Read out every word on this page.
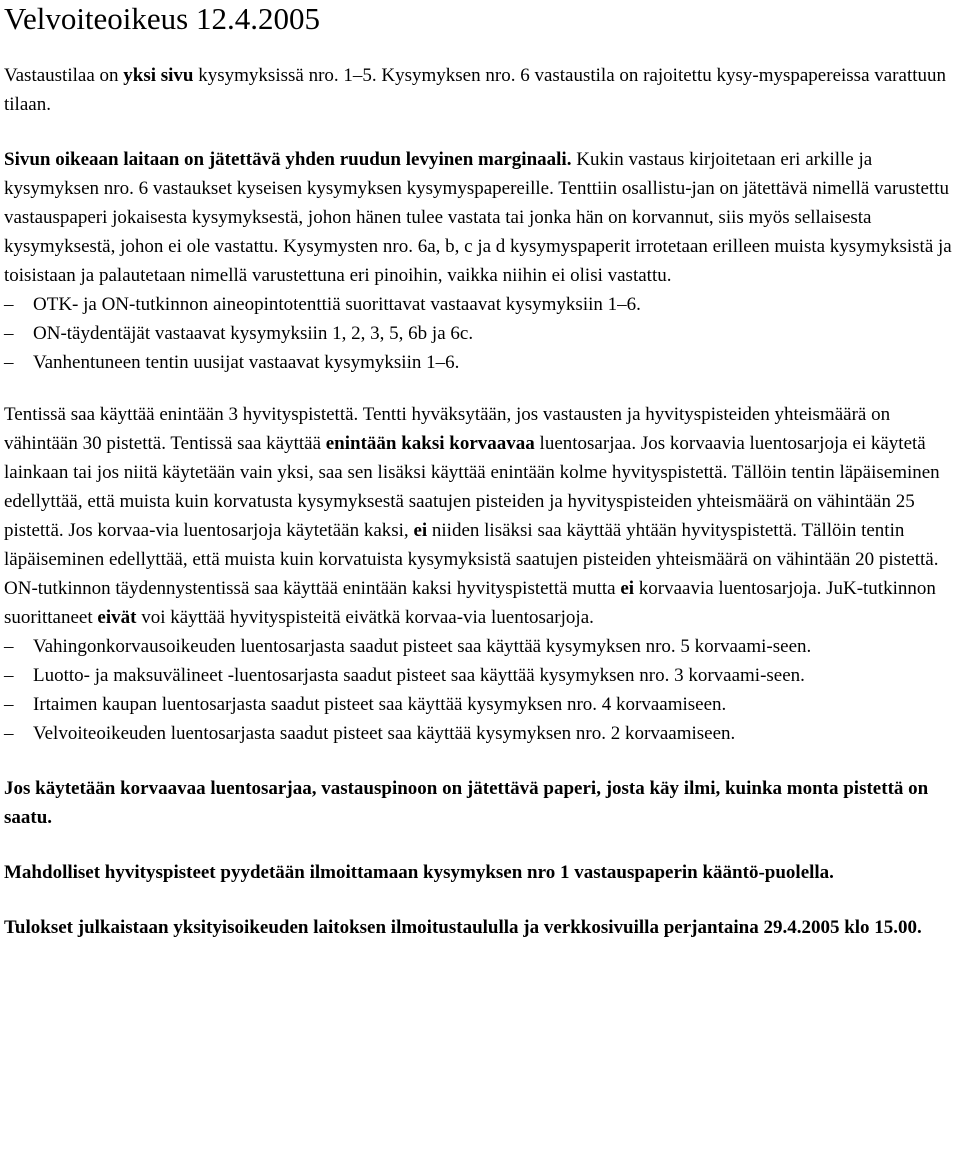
Velvoiteoikeus 12.4.2005

Vastaustilaa on yksi sivu kysymyksissä nro. 1–5. Kysymyksen nro. 6 vastaustila on rajoitettu kysy-myspapereissa varattuun tilaan.

Sivun oikeaan laitaan on jätettävä yhden ruudun levyinen marginaali. Kukin vastaus kirjoitetaan eri arkille ja kysymyksen nro. 6 vastaukset kyseisen kysymyksen kysymyspapereille. Tenttiin osallistu-jan on jätettävä nimellä varustettu vastauspaperi jokaisesta kysymyksestä, johon hänen tulee vastata tai jonka hän on korvannut, siis myös sellaisesta kysymyksestä, johon ei ole vastattu. Kysymysten nro. 6a, b, c ja d kysymyspaperit irrotetaan erilleen muista kysymyksistä ja toisistaan ja palautetaan nimellä varustettuna eri pinoihin, vaikka niihin ei olisi vastattu.

–	OTK- ja ON-tutkinnon aineopintotenttiä suorittavat vastaavat kysymyksiin 1–6.
–	ON-täydentäjät vastaavat kysymyksiin 1, 2, 3, 5, 6b ja 6c.
–	Vanhentuneen tentin uusijat vastaavat kysymyksiin 1–6.

Tentissä saa käyttää enintään 3 hyvityspistettä. Tentti hyväksytään, jos vastausten ja hyvityspisteiden yhteismäärä on vähintään 30 pistettä. Tentissä saa käyttää enintään kaksi korvaavaa luentosarjaa. Jos korvaavia luentosarjoja ei käytetä lainkaan tai jos niitä käytetään vain yksi, saa sen lisäksi käyttää enintään kolme hyvityspistettä. Tällöin tentin läpäiseminen edellyttää, että muista kuin korvatusta kysymyksestä saatujen pisteiden ja hyvityspisteiden yhteismäärä on vähintään 25 pistettä. Jos korvaa-via luentosarjoja käytetään kaksi, ei niiden lisäksi saa käyttää yhtään hyvityspistettä. Tällöin tentin läpäiseminen edellyttää, että muista kuin korvatuista kysymyksistä saatujen pisteiden yhteismäärä on vähintään 20 pistettä. ON-tutkinnon täydennystentissä saa käyttää enintään kaksi hyvityspistettä mutta ei korvaavia luentosarjoja. JuK-tutkinnon suorittaneet eivät voi käyttää hyvityspisteitä eivätkä korvaa-via luentosarjoja.

–	Vahingonkorvausoikeuden luentosarjasta saadut pisteet saa käyttää kysymyksen nro. 5 korvaami-seen.
–	Luotto- ja maksuvälineet -luentosarjasta saadut pisteet saa käyttää kysymyksen nro. 3 korvaami-seen.
–	Irtaimen kaupan luentosarjasta saadut pisteet saa käyttää kysymyksen nro. 4 korvaamiseen.
–	Velvoiteoikeuden luentosarjasta saadut pisteet saa käyttää kysymyksen nro. 2 korvaamiseen.

Jos käytetään korvaavaa luentosarjaa, vastauspinoon on jätettävä paperi, josta käy ilmi, kuinka monta pistettä on saatu.

Mahdolliset hyvityspisteet pyydetään ilmoittamaan kysymyksen nro 1 vastauspaperin kääntö-puolella.

Tulokset julkaistaan yksityisoikeuden laitoksen ilmoitustaululla ja verkkosivuilla perjantaina 29.4.2005 klo 15.00.
